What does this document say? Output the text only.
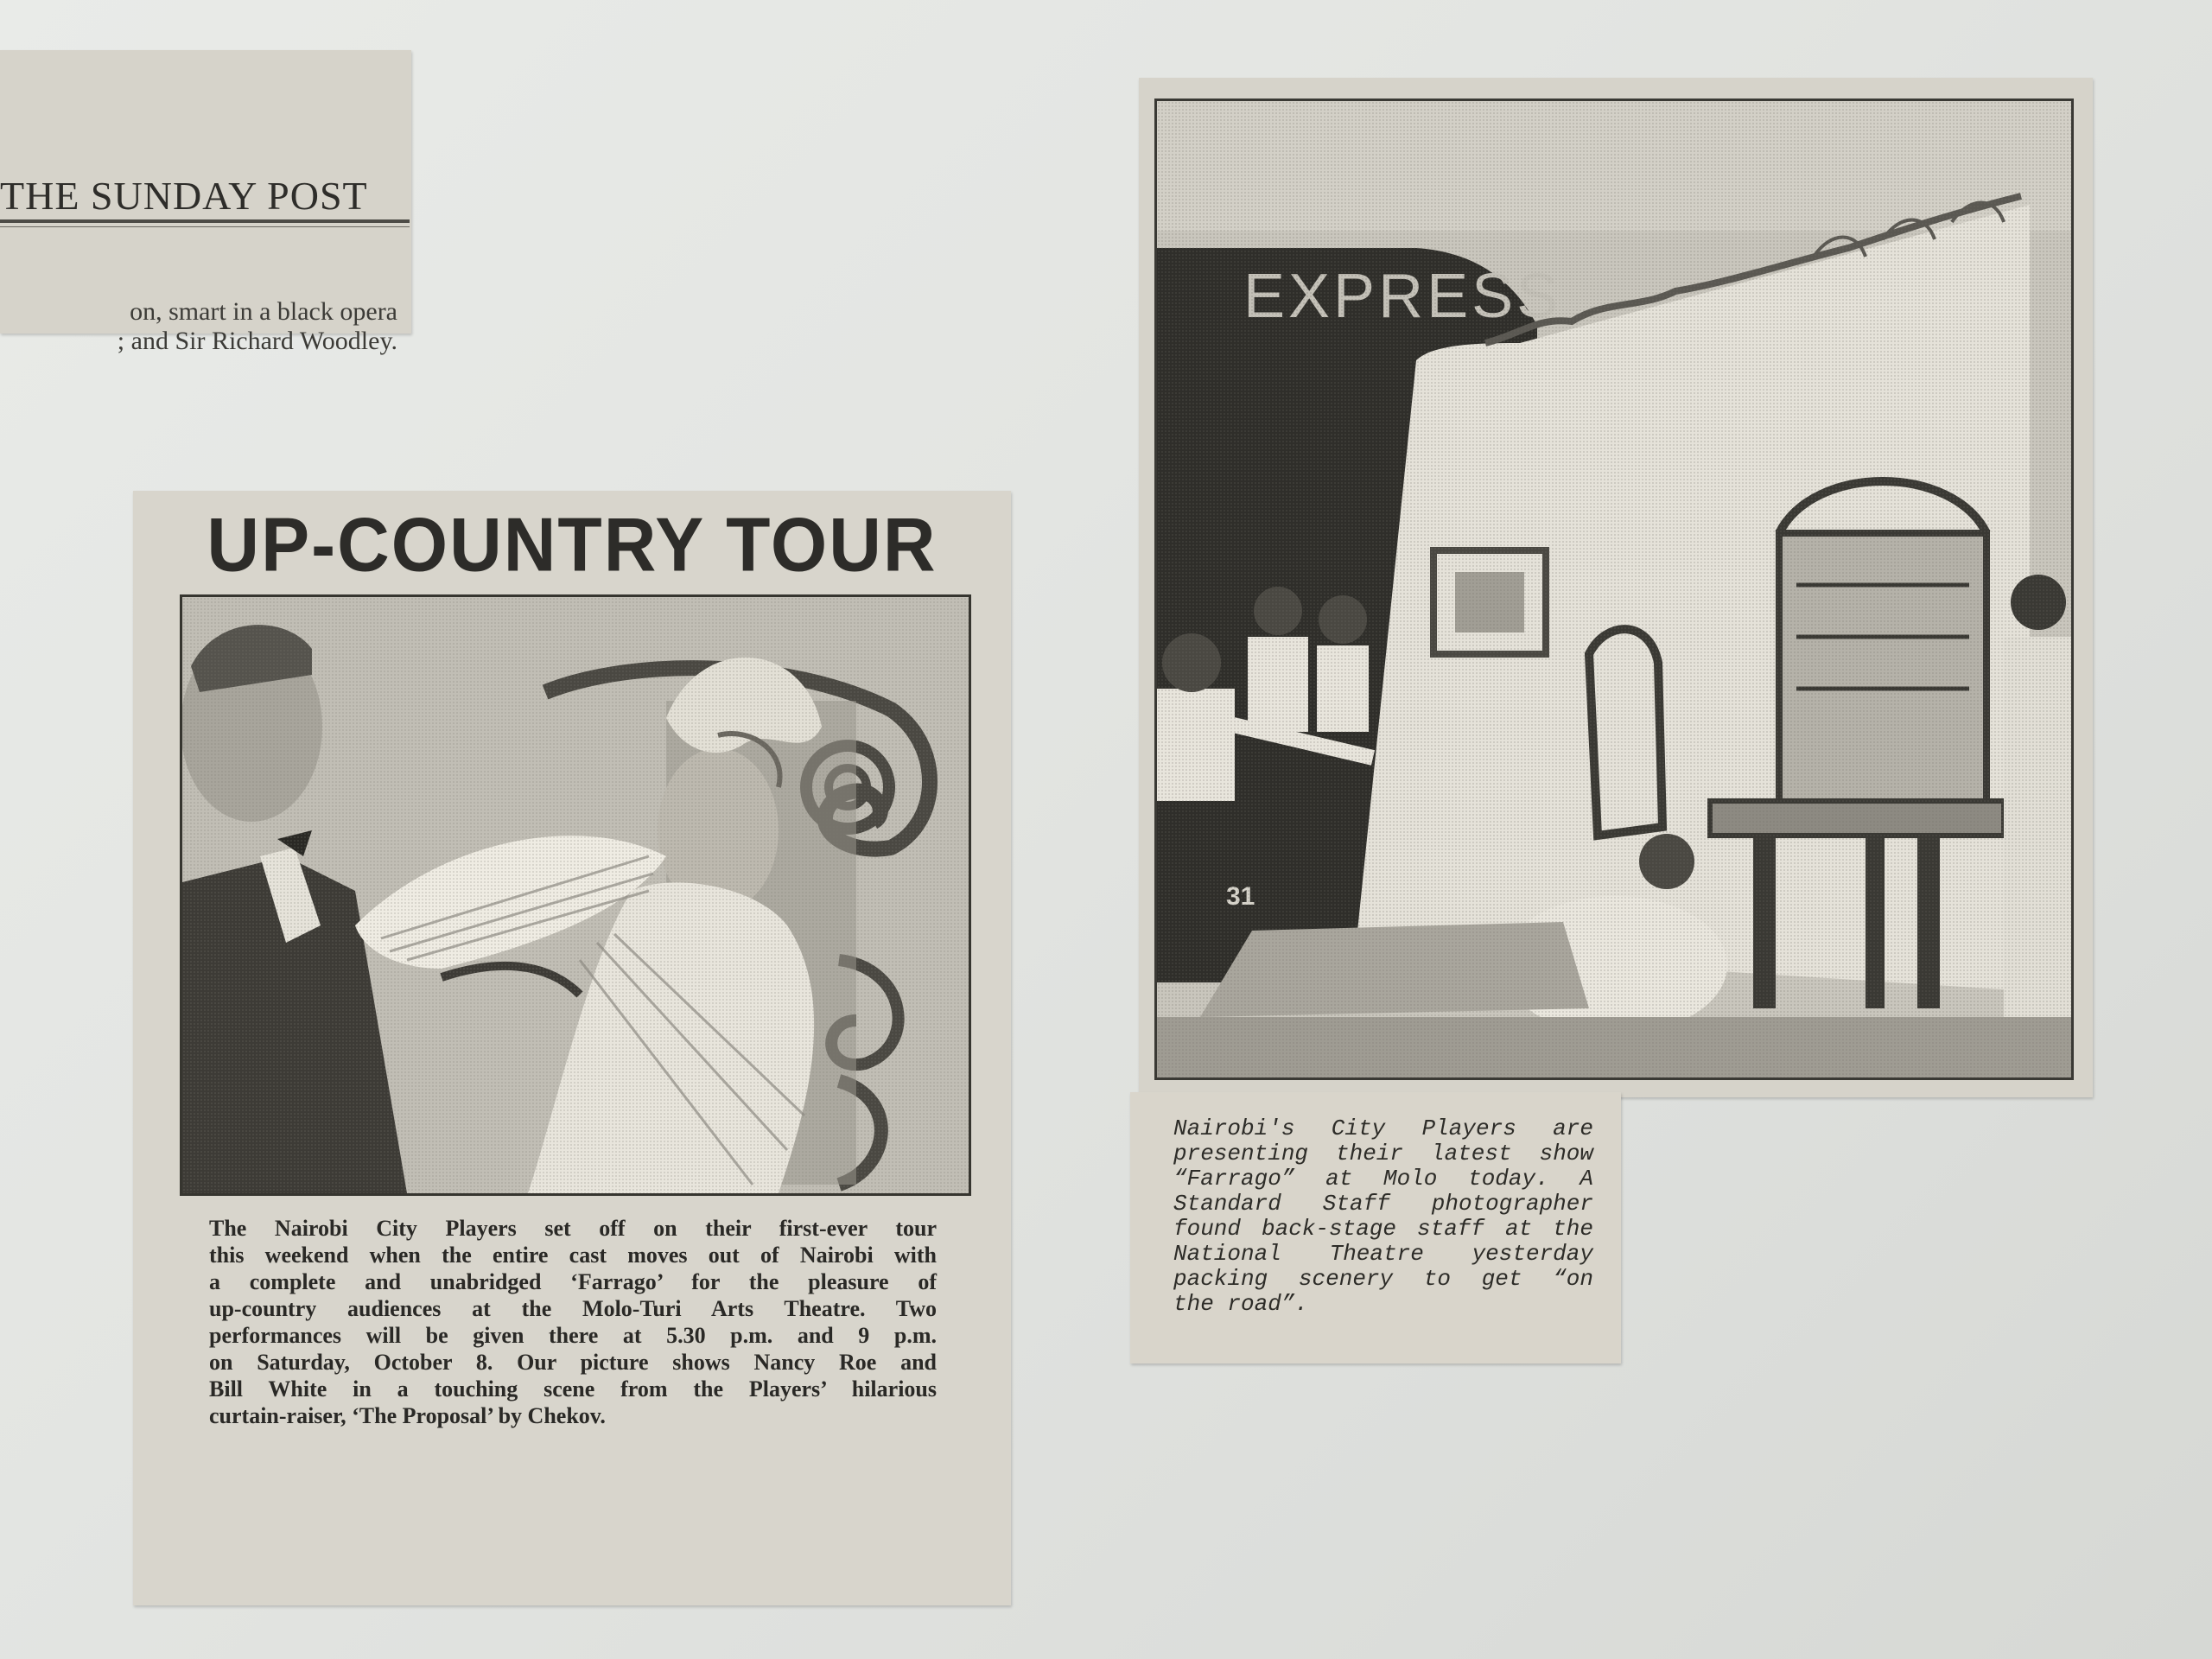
THE SUNDAY POST
on, smart in a black opera
; and Sir Richard Woodley.
UP-COUNTRY TOUR
The Nairobi City Players set off on their first-ever tour
this weekend when the entire cast moves out of Nairobi with
a complete and unabridged ‘Farrago’ for the pleasure of
up-country audiences at the Molo-Turi Arts Theatre. Two
performances will be given there at 5.30 p.m. and 9 p.m.
on Saturday, October 8. Our picture shows Nancy Roe and
Bill White in a touching scene from the Players’ hilarious
curtain-raiser, ‘The Proposal’ by Chekov.
Nairobi's City Players are
presenting their latest show
“Farrago” at Molo today. A
Standard Staff photographer
found back-stage staff at the
National Theatre yesterday
packing scenery to get “on
the road”.
